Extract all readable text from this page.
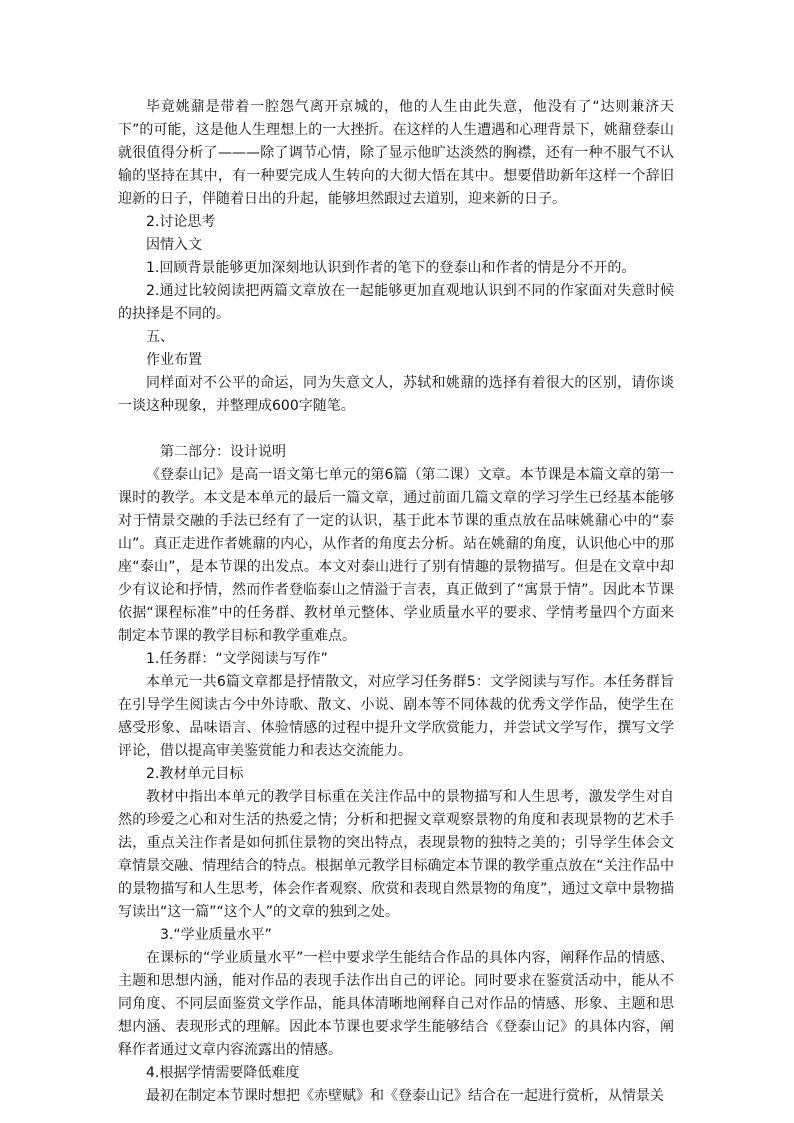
毕竟姚鼐是带着一腔怨气离开京城的，他的人生由此失意，他没有了“达则兼济天下”的可能，这是他人生理想上的一大挫折。在这样的人生遭遇和心理背景下，姚鼐登泰山就很值得分析了———除了调节心情，除了显示他旷达淡然的胸襟，还有一种不服气不认输的坚持在其中，有一种要完成人生转向的大彻大悟在其中。想要借助新年这样一个辞旧迎新的日子，伴随着日出的升起，能够坦然跟过去道别，迎来新的日子。

2.讨论思考

因情入文

1.回顾背景能够更加深刻地认识到作者的笔下的登泰山和作者的情是分不开的。

2.通过比较阅读把两篇文章放在一起能够更加直观地认识到不同的作家面对失意时候的抉择是不同的。

五、

作业布置

同样面对不公平的命运，同为失意文人，苏轼和姚鼐的选择有着很大的区别，请你谈一谈这种现象，并整理成600字随笔。

第二部分：设计说明

《登泰山记》是高一语文第七单元的第6篇（第二课）文章。本节课是本篇文章的第一课时的教学。本文是本单元的最后一篇文章，通过前面几篇文章的学习学生已经基本能够对于情景交融的手法已经有了一定的认识，基于此本节课的重点放在品味姚鼐心中的“泰山”。真正走进作者姚鼐的内心，从作者的角度去分析。站在姚鼐的角度，认识他心中的那座“泰山”，是本节课的出发点。本文对泰山进行了别有情趣的景物描写。但是在文章中却少有议论和抒情，然而作者登临泰山之情溢于言表，真正做到了“寓景于情”。因此本节课依据“课程标准”中的任务群、教材单元整体、学业质量水平的要求、学情考量四个方面来制定本节课的教学目标和教学重难点。

1.任务群：“文学阅读与写作”

本单元一共6篇文章都是抒情散文，对应学习任务群5：文学阅读与写作。本任务群旨在引导学生阅读古今中外诗歌、散文、小说、剧本等不同体裁的优秀文学作品，使学生在感受形象、品味语言、体验情感的过程中提升文学欣赏能力，并尝试文学写作，撰写文学评论，借以提高审美鉴赏能力和表达交流能力。

2.教材单元目标

教材中指出本单元的教学目标重在关注作品中的景物描写和人生思考，激发学生对自然的珍爱之心和对生活的热爱之情；分析和把握文章观察景物的角度和表现景物的艺术手法，重点关注作者是如何抓住景物的突出特点，表现景物的独特之美的；引导学生体会文章情景交融、情理结合的特点。根据单元教学目标确定本节课的教学重点放在“关注作品中的景物描写和人生思考，体会作者观察、欣赏和表现自然景物的角度”，通过文章中景物描写读出“这一篇”“这个人”的文章的独到之处。

3.“学业质量水平”

在课标的“学业质量水平”一栏中要求学生能结合作品的具体内容，阐释作品的情感、主题和思想内涵，能对作品的表现手法作出自己的评论。同时要求在鉴赏活动中，能从不同角度、不同层面鉴赏文学作品，能具体清晰地阐释自己对作品的情感、形象、主题和思想内涵、表现形式的理解。因此本节课也要求学生能够结合《登泰山记》的具体内容，阐释作者通过文章内容流露出的情感。

4.根据学情需要降低难度

最初在制定本节课时想把《赤壁赋》和《登泰山记》结合在一起进行赏析，从情景关
